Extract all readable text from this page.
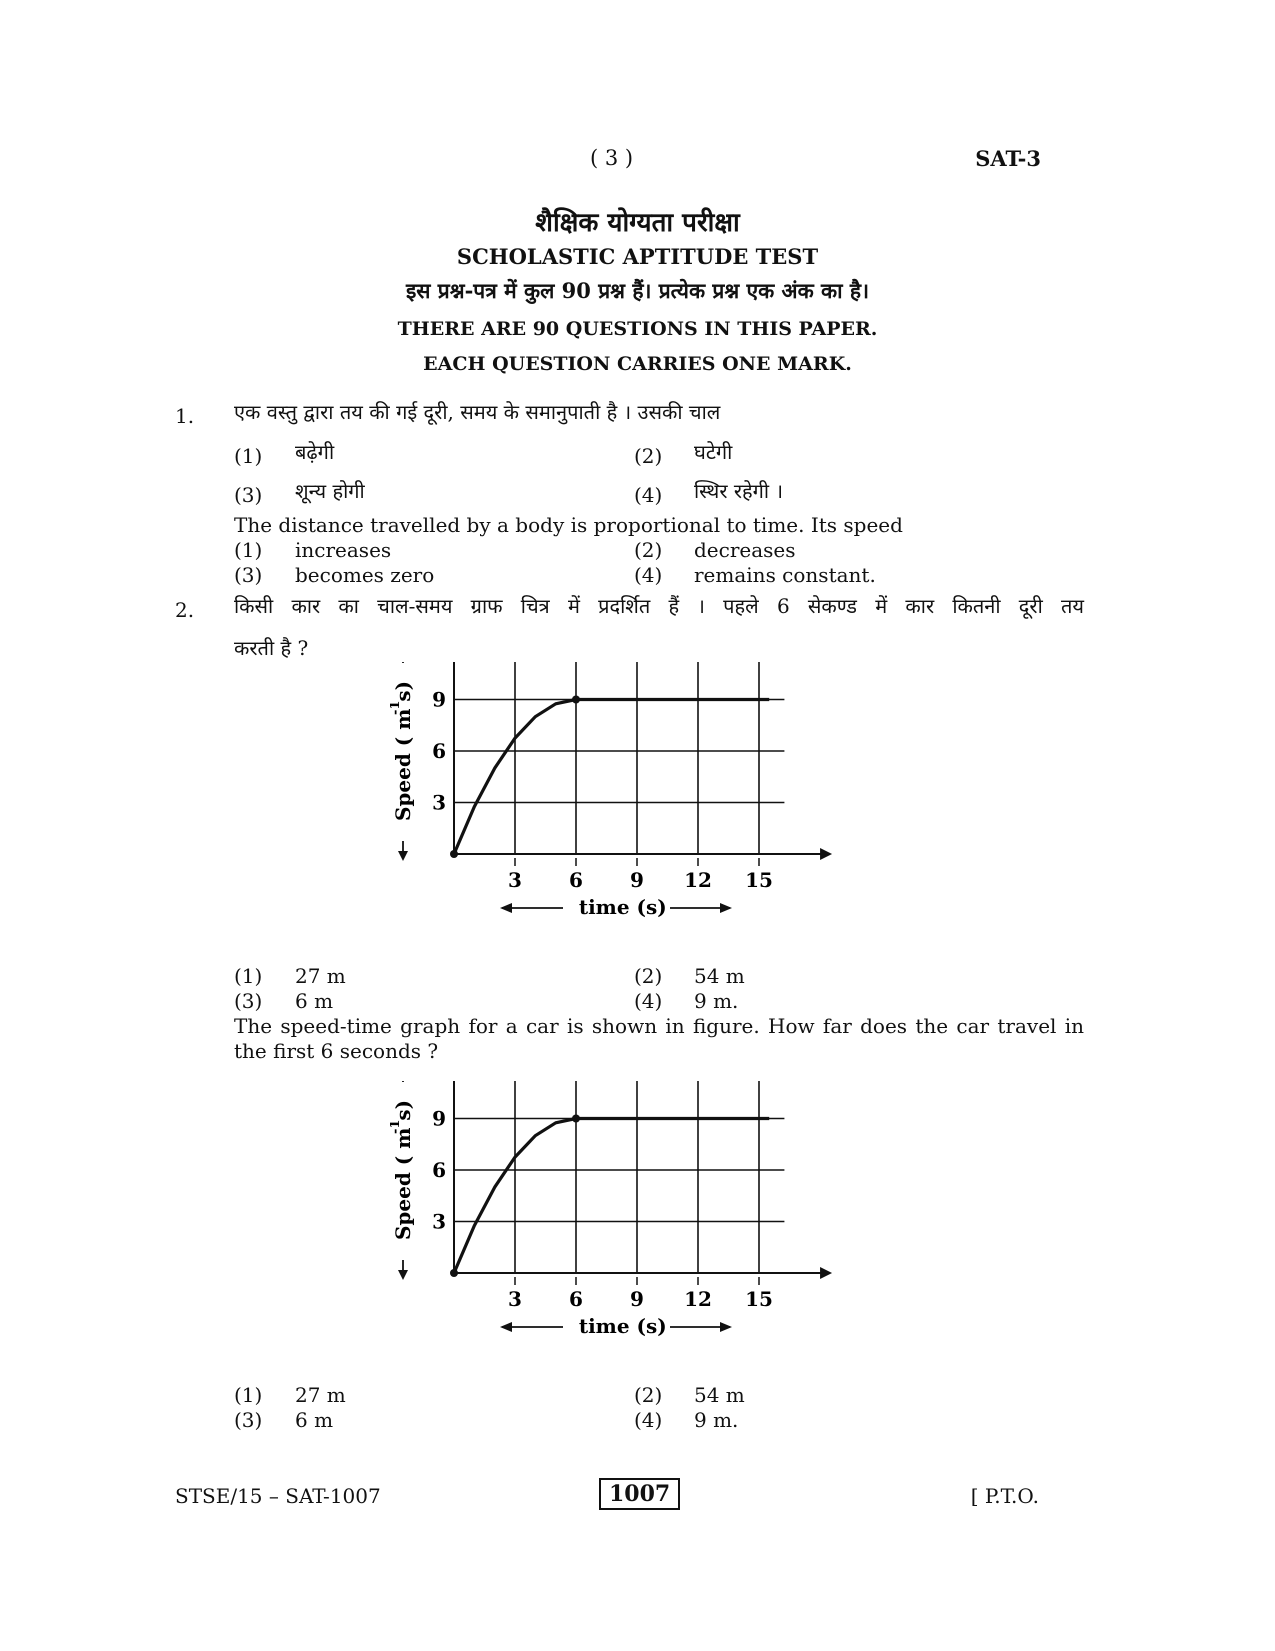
( 3 )	SAT-3
शैक्षिक योग्यता परीक्षा
SCHOLASTIC APTITUDE TEST
इस प्रश्न-पत्र में कुल 90 प्रश्न हैं। प्रत्येक प्रश्न एक अंक का है।
THERE ARE 90 QUESTIONS IN THIS PAPER.
EACH QUESTION CARRIES ONE MARK.
1. एक वस्तु द्वारा तय की गई दूरी, समय के समानुपाती है । उसकी चाल
(1) बढ़ेगी	(2) घटेगी
(3) शून्य होगी	(4) स्थिर रहेगी ।
The distance travelled by a body is proportional to time. Its speed
(1) increases	(2) decreases
(3) becomes zero	(4) remains constant.
2. किसी कार का चाल-समय ग्राफ चित्र में प्रदर्शित हैं । पहले 6 सेकण्ड में कार कितनी दूरी तय
करती है ?
3 6 9 12 15
3
6
9
time (s)
Speed ( m s)
-1
(1) 27 m	(2) 54 m
(3) 6 m	(4) 9 m.
The speed-time graph for a car is shown in figure. How far does the car travel in
the first 6 seconds ?
3 6 9 12 15
3
6
9
time (s)
Speed ( m s)
-1
(1) 27 m	(2) 54 m
(3) 6 m	(4) 9 m.
STSE/15 – SAT-1007	1007	[ P.T.O.
